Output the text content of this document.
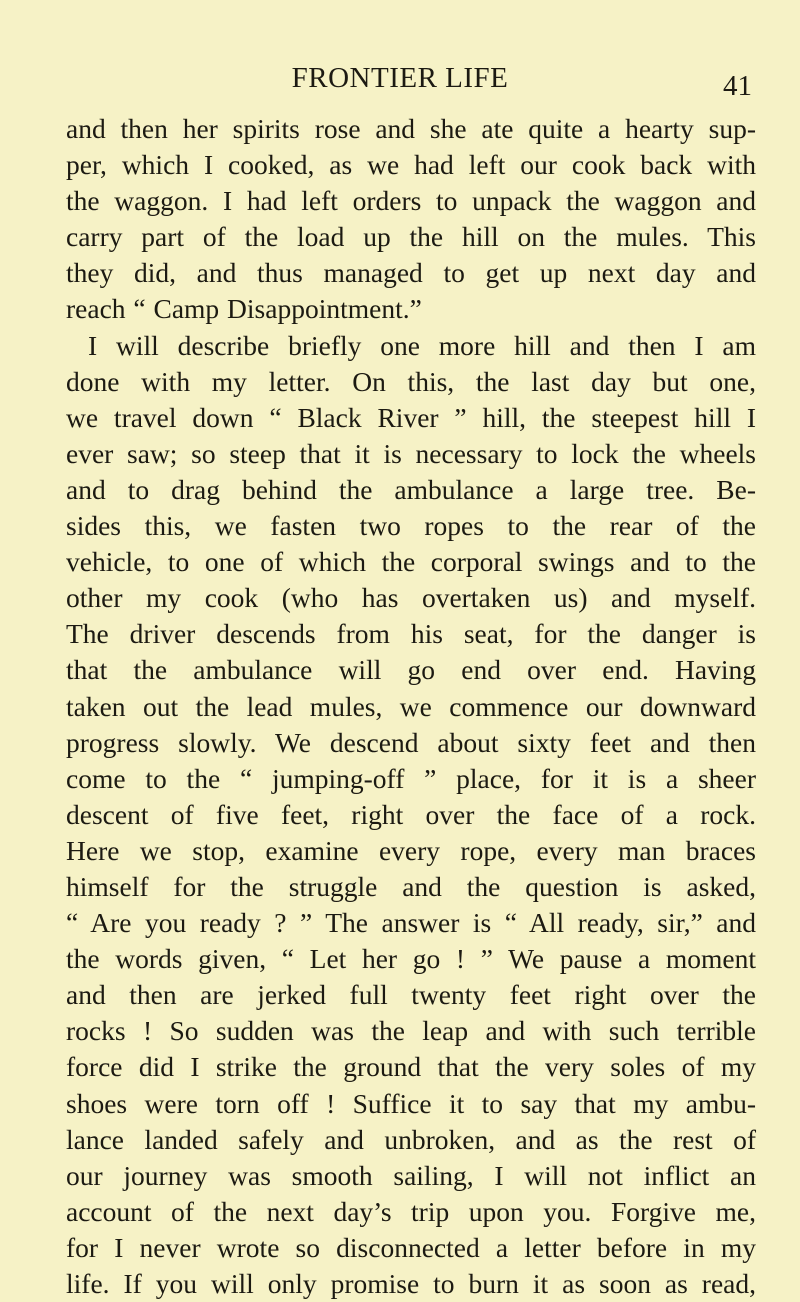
FRONTIER LIFE	41
and then her spirits rose and she ate quite a hearty sup-
per, which I cooked, as we had left our cook back with
the waggon. I had left orders to unpack the waggon and
carry part of the load up the hill on the mules. This
they did, and thus managed to get up next day and
reach “ Camp Disappointment.”
I will describe briefly one more hill and then I am
done with my letter. On this, the last day but one,
we travel down “ Black River ” hill, the steepest hill I
ever saw; so steep that it is necessary to lock the wheels
and to drag behind the ambulance a large tree. Be-
sides this, we fasten two ropes to the rear of the
vehicle, to one of which the corporal swings and to the
other my cook (who has overtaken us) and myself.
The driver descends from his seat, for the danger is
that the ambulance will go end over end. Having
taken out the lead mules, we commence our downward
progress slowly. We descend about sixty feet and then
come to the “ jumping-off ” place, for it is a sheer
descent of five feet, right over the face of a rock.
Here we stop, examine every rope, every man braces
himself for the struggle and the question is asked,
“ Are you ready ? ” The answer is “ All ready, sir,” and
the words given, “ Let her go ! ” We pause a moment
and then are jerked full twenty feet right over the
rocks ! So sudden was the leap and with such terrible
force did I strike the ground that the very soles of my
shoes were torn off ! Suffice it to say that my ambu-
lance landed safely and unbroken, and as the rest of
our journey was smooth sailing, I will not inflict an
account of the next day’s trip upon you. Forgive me,
for I never wrote so disconnected a letter before in my
life. If you will only promise to burn it as soon as read,
